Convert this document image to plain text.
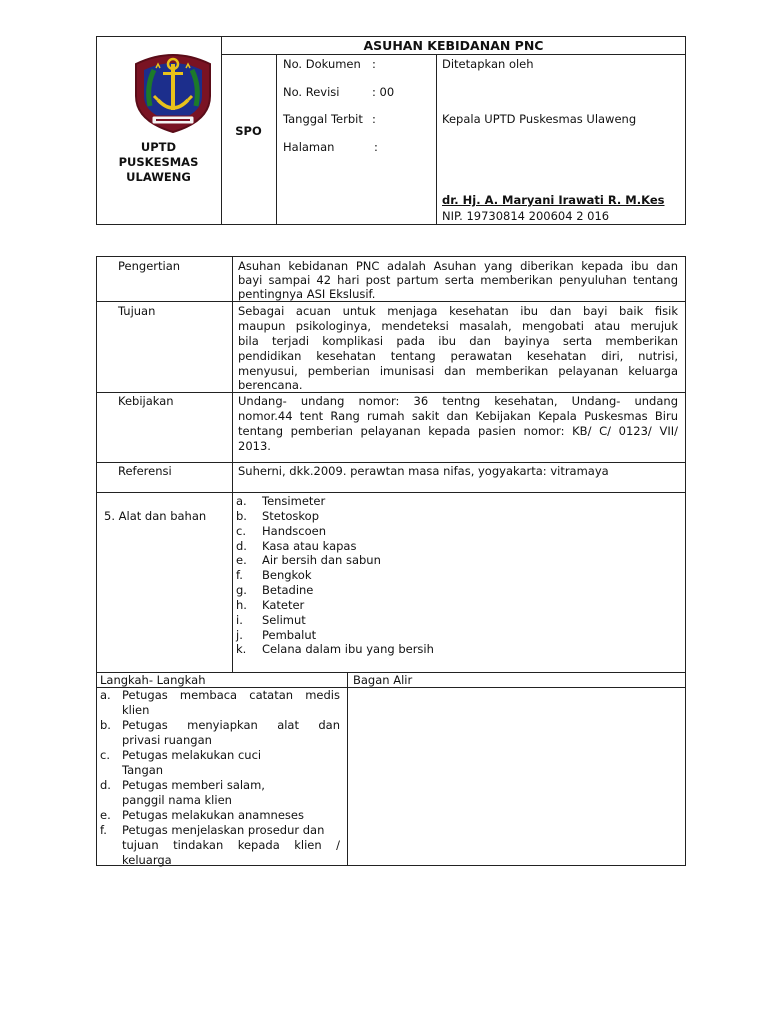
UPTD
PUSKESMAS
ULAWENG
ASUHAN KEBIDANAN PNC
SPO
No. Dokumen :
No. Revisi	: 00
Tanggal Terbit :
Halaman	:
Ditetapkan oleh
Kepala UPTD Puskesmas Ulaweng
dr. Hj. A. Maryani Irawati R. M.Kes
NIP. 19730814 200604 2 016
Pengertian	Asuhan kebidanan PNC adalah Asuhan yang diberikan kepada ibu dan
bayi sampai 42 hari post partum serta memberikan penyuluhan tentang
pentingnya ASI Ekslusif.
Tujuan	Sebagai acuan untuk menjaga kesehatan ibu dan bayi baik fisik
maupun psikologinya, mendeteksi masalah, mengobati atau merujuk
bila terjadi komplikasi pada ibu dan bayinya serta memberikan
pendidikan kesehatan tentang perawatan kesehatan diri, nutrisi,
menyusui, pemberian imunisasi dan memberikan pelayanan keluarga
berencana.
Kebijakan	Undang- undang nomor: 36 tentng kesehatan, Undang- undang
nomor.44 tent Rang rumah sakit dan Kebijakan Kepala Puskesmas Biru
tentang pemberian pelayanan kepada pasien nomor: KB/ C/ 0123/ VII/
2013.
Referensi	Suherni, dkk.2009. perawtan masa nifas, yogyakarta: vitramaya
5. Alat dan bahan
a.	Tensimeter
b.	Stetoskop
c.	Handscoen
d.	Kasa atau kapas
e.	Air bersih dan sabun
f.	Bengkok
g.	Betadine
h.	Kateter
i.	Selimut
j.	Pembalut
k.	Celana dalam ibu yang bersih
Langkah- Langkah	Bagan Alir
a. Petugas membaca catatan medis
klien
b. Petugas menyiapkan alat dan
privasi ruangan
c.	Petugas melakukan cuci
Tangan
d. Petugas memberi salam,
panggil nama klien
e. Petugas melakukan anamneses
f.	Petugas menjelaskan prosedur dan
tujuan tindakan kepada klien /
keluarga
